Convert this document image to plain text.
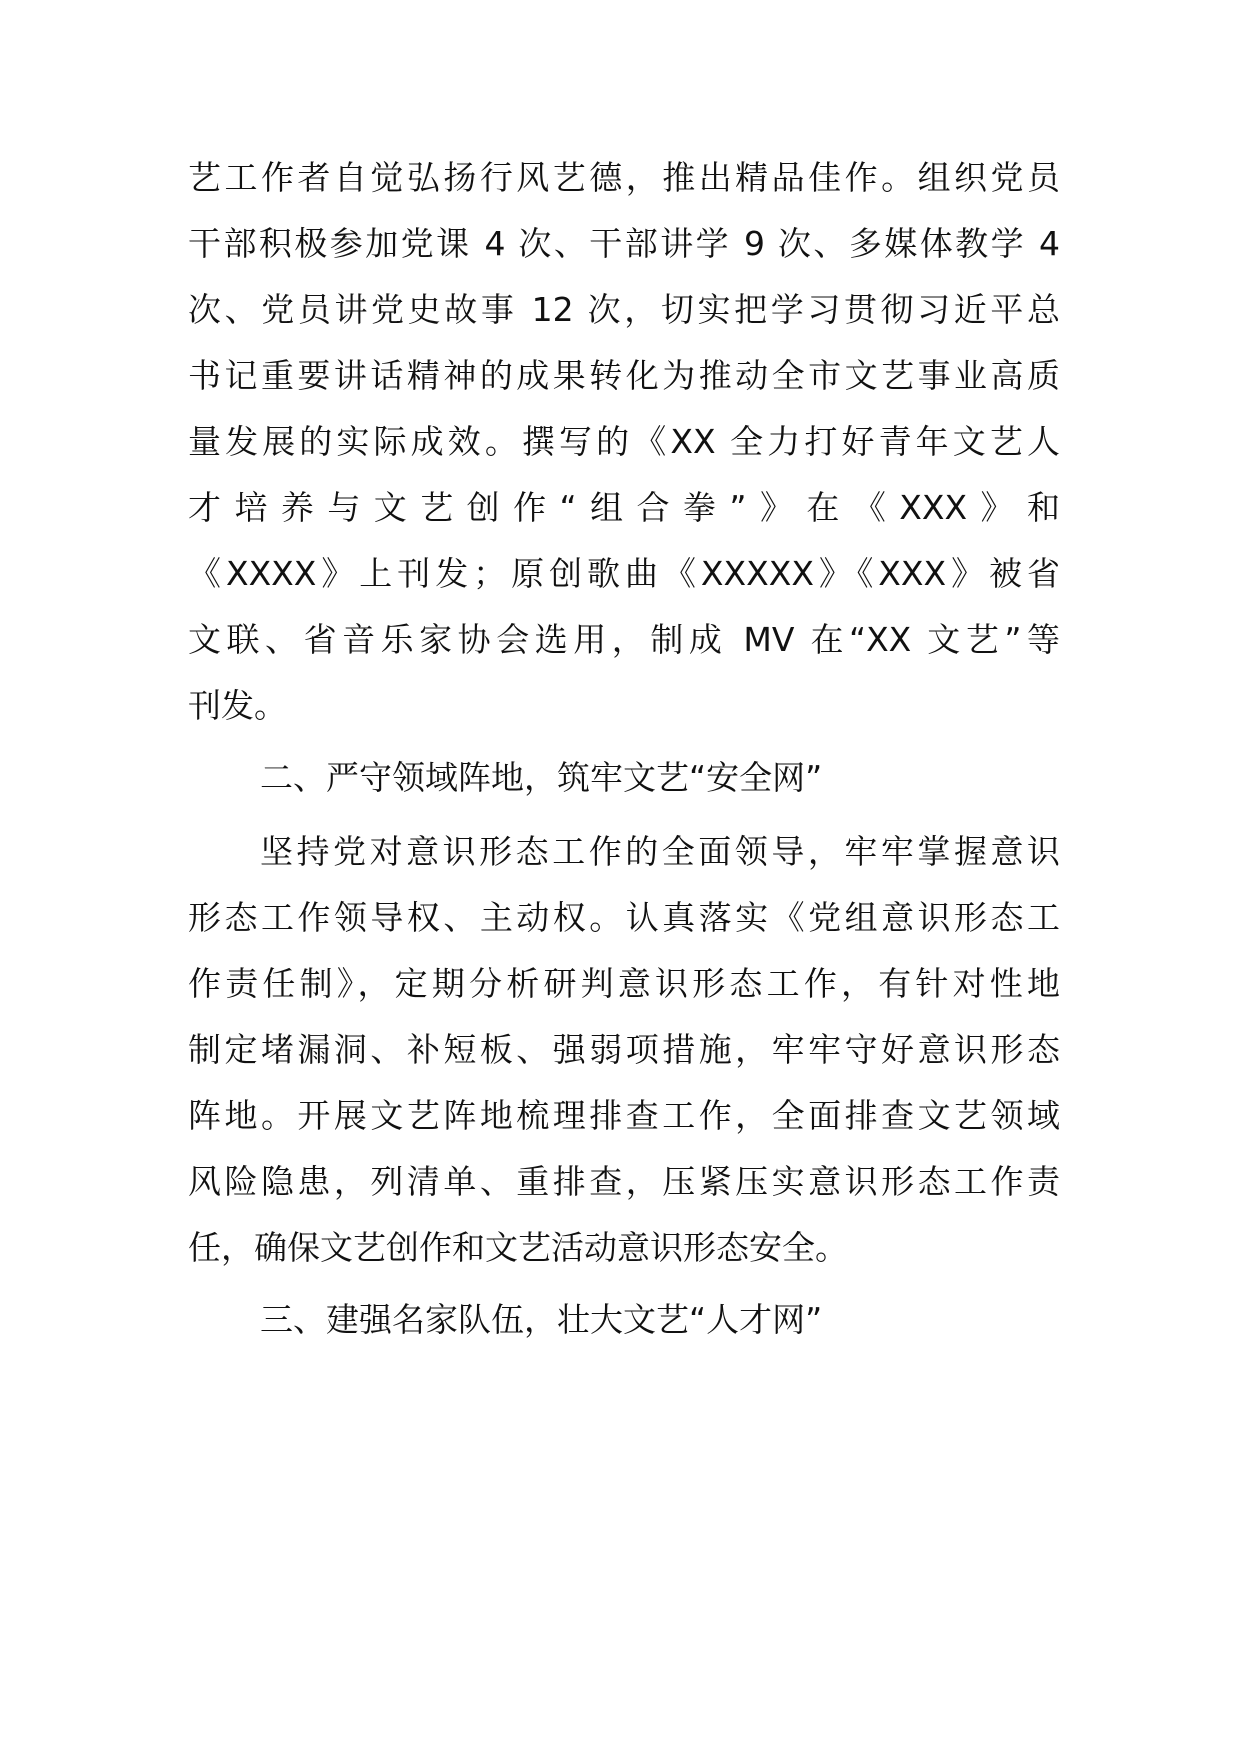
艺工作者自觉弘扬行风艺德，推出精品佳作。组织党员
干部积极参加党课 4 次、干部讲学 9 次、多媒体教学 4
次、党员讲党史故事 12 次，切实把学习贯彻习近平总
书记重要讲话精神的成果转化为推动全市文艺事业高质
量发展的实际成效。撰写的《XX 全力打好青年文艺人
才培养与文艺创作“组合拳”》在《XXX》和
《XXXX》上刊发；原创歌曲《XXXXX》《XXX》被省
文联、省音乐家协会选用，制成 MV 在“XX 文艺”等
刊发。
二、严守领域阵地，筑牢文艺“安全网”
坚持党对意识形态工作的全面领导，牢牢掌握意识
形态工作领导权、主动权。认真落实《党组意识形态工
作责任制》，定期分析研判意识形态工作，有针对性地
制定堵漏洞、补短板、强弱项措施，牢牢守好意识形态
阵地。开展文艺阵地梳理排查工作，全面排查文艺领域
风险隐患，列清单、重排查，压紧压实意识形态工作责
任，确保文艺创作和文艺活动意识形态安全。
三、建强名家队伍，壮大文艺“人才网”
